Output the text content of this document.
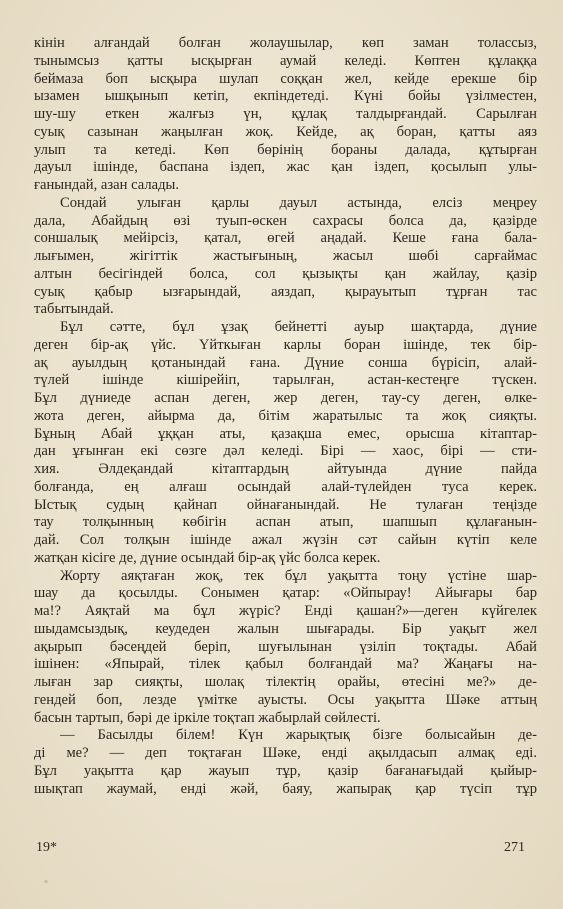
кінін алғандай болған жолаушылар, көп заман толассыз,
тынымсыз қатты ысқырған аумай келеді. Көптен құлаққа
беймаза боп ысқыра шулап соққан жел, кейде ерекше бір
ызамен ышқынып кетіп, екпіндетеді. Күні бойы үзілместен,
шу-шу еткен жалғыз үн, құлақ талдырғандай. Сарылған
суық сазынан жаңылған жоқ. Кейде, ақ боран, қатты аяз
улып та кетеді. Көп бөрінің бораны далада, құтырған
дауыл ішінде, баспана іздеп, жас қан іздеп, қосылып улы-
ғанындай, азан салады.
Сондай улыған қарлы дауыл астында, елсіз меңреу
дала, Абайдың өзі туып-өскен сахрасы болса да, қазірде
соншалық мейірсіз, қатал, өгей аңадай. Кеше ғана бала-
лығымен, жігіттік жастығының, жасыл шөбі сарғаймас
алтын бесігіндей болса, сол қызықты қан жайлау, қазір
суық қабыр ызғарындай, аяздап, қырауытып тұрған тас
табытындай.
Бұл сәтте, бұл ұзақ бейнетті ауыр шақтарда, дүние
деген бір-ақ үйс. Үйткыған карлы боран ішінде, тек бір-
ақ ауылдың қотанындай ғана. Дүние сонша бүрісіп, алай-
түлей ішінде кішірейіп, тарылған, астан-кестеңге түскен.
Бұл дүниеде аспан деген, жер деген, тау-су деген, өлке-
жота деген, айырма да, бітім жаратылыс та жоқ сияқты.
Бұның Абай ұққан аты, қазақша емес, орысша кітаптар-
дан ұғынған екі сөзге дәл келеді. Бірі — хаос, бірі — сти-
хия. Әлдеқандай кітаптардың айтуында дүние пайда
болғанда, ең алғаш осындай алай-түлейден туса керек.
Ыстық судың қайнап ойнағанындай. Не тулаған теңізде
тау толқынның көбігін аспан атып, шапшып құлағанын-
дай. Сол толқын ішінде ажал жүзін сәт сайын күтіп келе
жатқан кісіге де, дүние осындай бір-ақ үйс болса керек.
Жорту аяқтаған жоқ, тек бұл уақытта тоңу үстіне шар-
шау да қосылды. Сонымен қатар: «Ойпырау! Айығары бар
ма!? Аяқтай ма бұл жүріс? Енді қашан?»—деген күйгелек
шыдамсыздық, кеудеден жалын шығарады. Бір уақыт жел
ақырып бәсеңдей беріп, шуғылынан үзіліп тоқтады. Абай
ішінен: «Япырай, тілек қабыл болғандай ма? Жаңағы на-
лыған зар сияқты, шолақ тілектің орайы, өтесіні ме?» де-
гендей боп, лезде үмітке ауысты. Осы уақытта Шәке аттың
басын тартып, бәрі де іркіле тоқтап жабырлай сөйлесті.
— Басылды білем! Күн жарықтық бізге болысайын де-
ді ме? — деп тоқтаған Шәке, енді ақылдасып алмақ еді.
Бұл уақытта қар жауып тұр, қазір бағанағыдай қыйыр-
шықтап жаумай, енді жәй, баяу, жапырақ қар түсіп тұр
19*	271
